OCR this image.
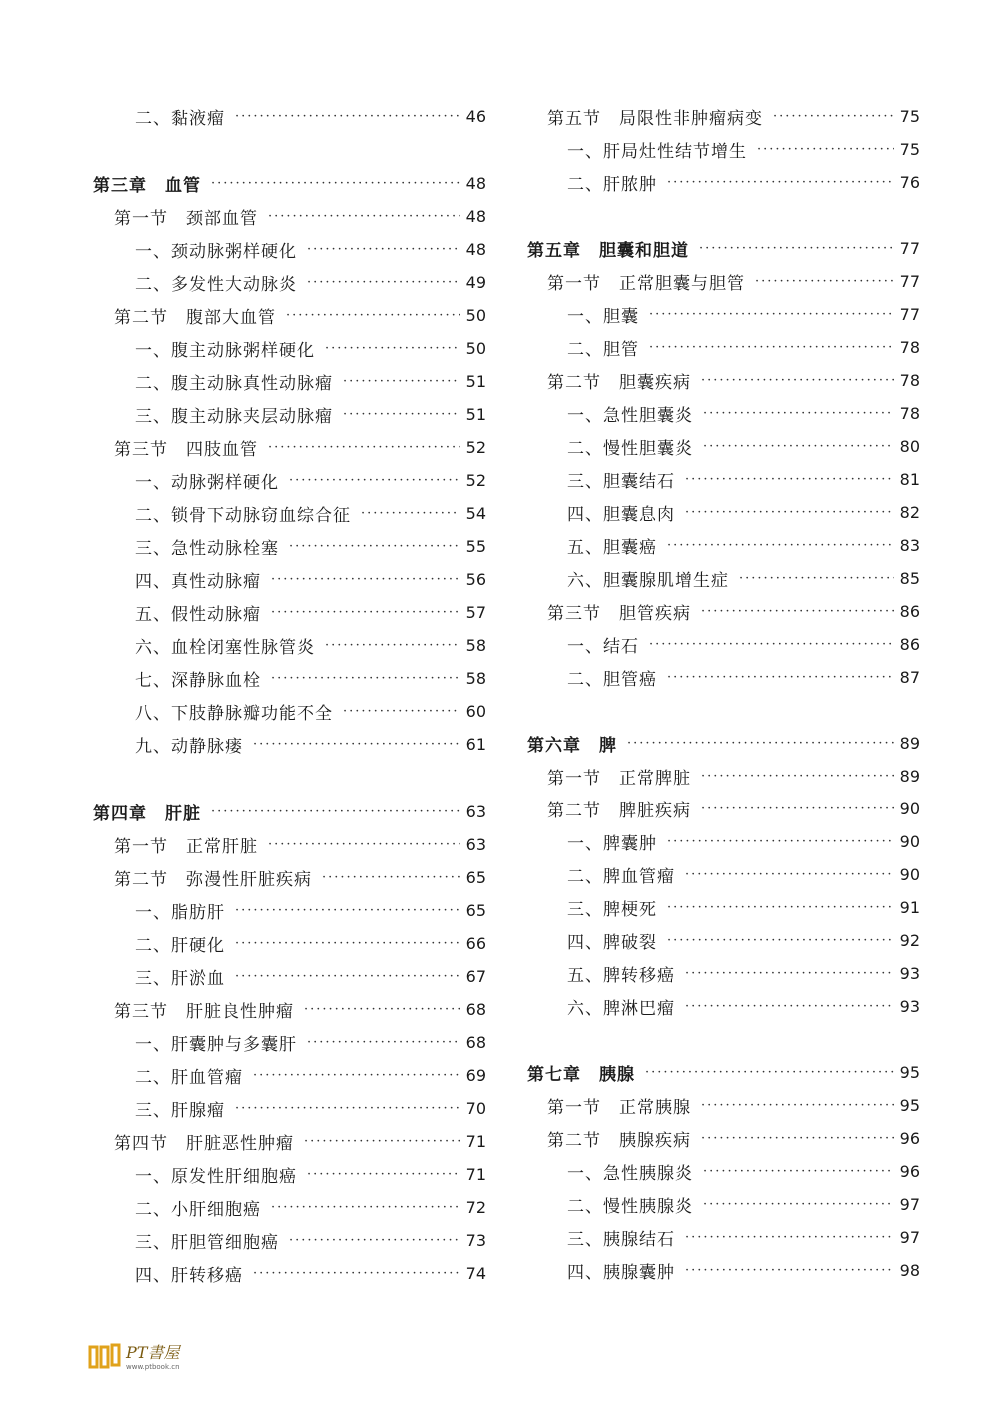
二、黏液瘤 ·····	46
第三章　血管 ·····	48
第一节　颈部血管 ·····	48
一、颈动脉粥样硬化 ·····	48
二、多发性大动脉炎 ·····	49
第二节　腹部大血管 ·····	50
一、腹主动脉粥样硬化 ·····	50
二、腹主动脉真性动脉瘤 ·····	51
三、腹主动脉夹层动脉瘤 ·····	51
第三节　四肢血管 ·····	52
一、动脉粥样硬化 ·····	52
二、锁骨下动脉窃血综合征 ·····	54
三、急性动脉栓塞 ·····	55
四、真性动脉瘤 ·····	56
五、假性动脉瘤 ·····	57
六、血栓闭塞性脉管炎 ·····	58
七、深静脉血栓 ·····	58
八、下肢静脉瓣功能不全 ·····	60
九、动静脉瘘 ·····	61
第四章　肝脏 ·····	63
第一节　正常肝脏 ·····	63
第二节　弥漫性肝脏疾病 ·····	65
一、脂肪肝 ·····	65
二、肝硬化 ·····	66
三、肝淤血 ·····	67
第三节　肝脏良性肿瘤 ·····	68
一、肝囊肿与多囊肝 ·····	68
二、肝血管瘤 ·····	69
三、肝腺瘤 ·····	70
第四节　肝脏恶性肿瘤 ·····	71
一、原发性肝细胞癌 ·····	71
二、小肝细胞癌 ·····	72
三、肝胆管细胞癌 ·····	73
四、肝转移癌 ·····	74
第五节　局限性非肿瘤病变 ·····	75
一、肝局灶性结节增生 ·····	75
二、肝脓肿 ·····	76
第五章　胆囊和胆道 ·····	77
第一节　正常胆囊与胆管 ·····	77
一、胆囊 ·····	77
二、胆管 ·····	78
第二节　胆囊疾病 ·····	78
一、急性胆囊炎 ·····	78
二、慢性胆囊炎 ·····	80
三、胆囊结石 ·····	81
四、胆囊息肉 ·····	82
五、胆囊癌 ·····	83
六、胆囊腺肌增生症 ·····	85
第三节　胆管疾病 ·····	86
一、结石 ·····	86
二、胆管癌 ·····	87
第六章　脾 ·····	89
第一节　正常脾脏 ·····	89
第二节　脾脏疾病 ·····	90
一、脾囊肿 ·····	90
二、脾血管瘤 ·····	90
三、脾梗死 ·····	91
四、脾破裂 ·····	92
五、脾转移癌 ·····	93
六、脾淋巴瘤 ·····	93
第七章　胰腺 ·····	95
第一节　正常胰腺 ·····	95
第二节　胰腺疾病 ·····	96
一、急性胰腺炎 ·····	96
二、慢性胰腺炎 ·····	97
三、胰腺结石 ·····	97
四、胰腺囊肿 ·····	98
PT書屋
www.ptbook.cn
